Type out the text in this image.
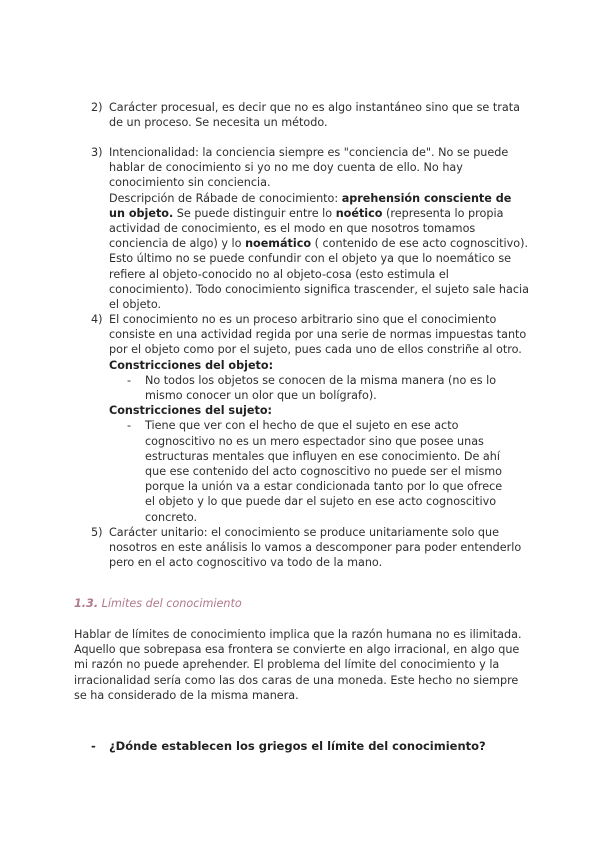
2) Carácter procesual, es decir que no es algo instantáneo sino que se trata de un proceso. Se necesita un método.

3) Intencionalidad: la conciencia siempre es "conciencia de". No se puede hablar de conocimiento si yo no me doy cuenta de ello. No hay conocimiento sin conciencia.

Descripción de Rábade de conocimiento: aprehensión consciente de un objeto. Se puede distinguir entre lo noético (representa lo propia actividad de conocimiento, es el modo en que nosotros tomamos conciencia de algo) y lo noemático ( contenido de ese acto cognoscitivo). Esto último no se puede confundir con el objeto ya que lo noemático se refiere al objeto-conocido no al objeto-cosa (esto estimula el conocimiento). Todo conocimiento significa trascender, el sujeto sale hacia el objeto.

4) El conocimiento no es un proceso arbitrario sino que el conocimiento consiste en una actividad regida por una serie de normas impuestas tanto por el objeto como por el sujeto, pues cada uno de ellos constriñe al otro. Constricciones del objeto:

- No todos los objetos se conocen de la misma manera (no es lo mismo conocer un olor que un bolígrafo).

Constricciones del sujeto:

- Tiene que ver con el hecho de que el sujeto en ese acto cognoscitivo no es un mero espectador sino que posee unas estructuras mentales que influyen en ese conocimiento. De ahí que ese contenido del acto cognoscitivo no puede ser el mismo porque la unión va a estar condicionada tanto por lo que ofrece el objeto y lo que puede dar el sujeto en ese acto cognoscitivo concreto.
5) Carácter unitario: el conocimiento se produce unitariamente solo que nosotros en este análisis lo vamos a descomponer para poder entenderlo pero en el acto cognoscitivo va todo de la mano.

1.3. Límites del conocimiento

Hablar de límites de conocimiento implica que la razón humana no es ilimitada. Aquello que sobrepasa esa frontera se convierte en algo irracional, en algo que mi razón no puede aprehender. El problema del límite del conocimiento y la irracionalidad sería como las dos caras de una moneda. Este hecho no siempre se ha considerado de la misma manera.

- ¿Dónde establecen los griegos el límite del conocimiento?
